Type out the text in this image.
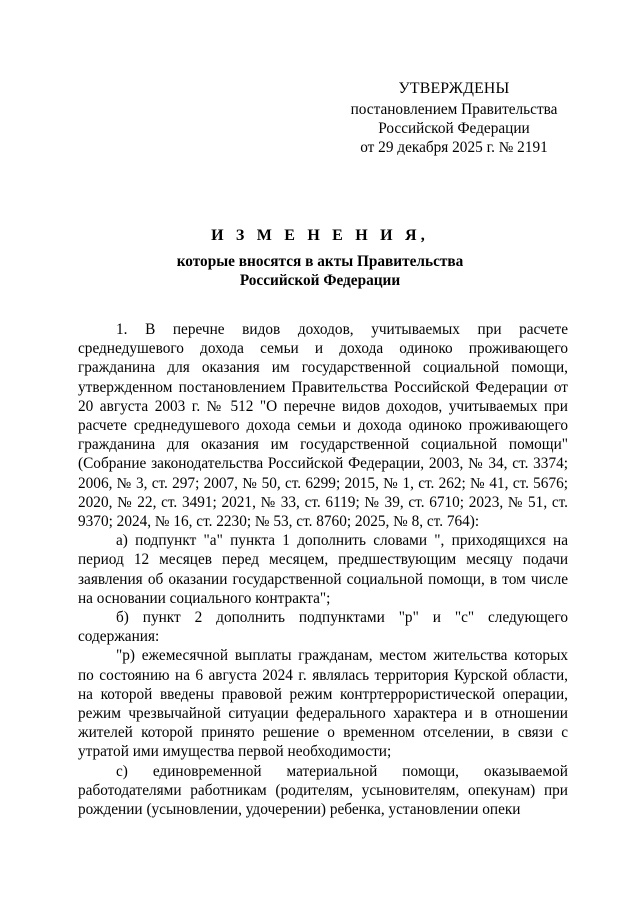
УТВЕРЖДЕНЫ
постановлением Правительства
Российской Федерации
от 29 декабря 2025 г. № 2191
И З М Е Н Е Н И Я,
которые вносятся в акты Правительства
Российской Федерации

1. В перечне видов доходов, учитываемых при расчете среднедушевого дохода семьи и дохода одиноко проживающего гражданина для оказания им государственной социальной помощи, утвержденном постановлением Правительства Российской Федерации от 20 августа 2003 г. № 512 "О перечне видов доходов, учитываемых при расчете среднедушевого дохода семьи и дохода одиноко проживающего гражданина для оказания им государственной социальной помощи" (Собрание законодательства Российской Федерации, 2003, № 34, ст. 3374; 2006, № 3, ст. 297; 2007, № 50, ст. 6299; 2015, № 1, ст. 262; № 41, ст. 5676; 2020, № 22, ст. 3491; 2021, № 33, ст. 6119; № 39, ст. 6710; 2023, № 51, ст. 9370; 2024, № 16, ст. 2230; № 53, ст. 8760; 2025, № 8, ст. 764):

а) подпункт "а" пункта 1 дополнить словами ", приходящихся на период 12 месяцев перед месяцем, предшествующим месяцу подачи заявления об оказании государственной социальной помощи, в том числе на основании социального контракта";

б) пункт 2 дополнить подпунктами "р" и "с" следующего содержания:

"р) ежемесячной выплаты гражданам, местом жительства которых по состоянию на 6 августа 2024 г. являлась территория Курской области, на которой введены правовой режим контртеррористической операции, режим чрезвычайной ситуации федерального характера и в отношении жителей которой принято решение о временном отселении, в связи с утратой ими имущества первой необходимости;

с) единовременной материальной помощи, оказываемой работодателями работникам (родителям, усыновителям, опекунам) при рождении (усыновлении, удочерении) ребенка, установлении опеки
